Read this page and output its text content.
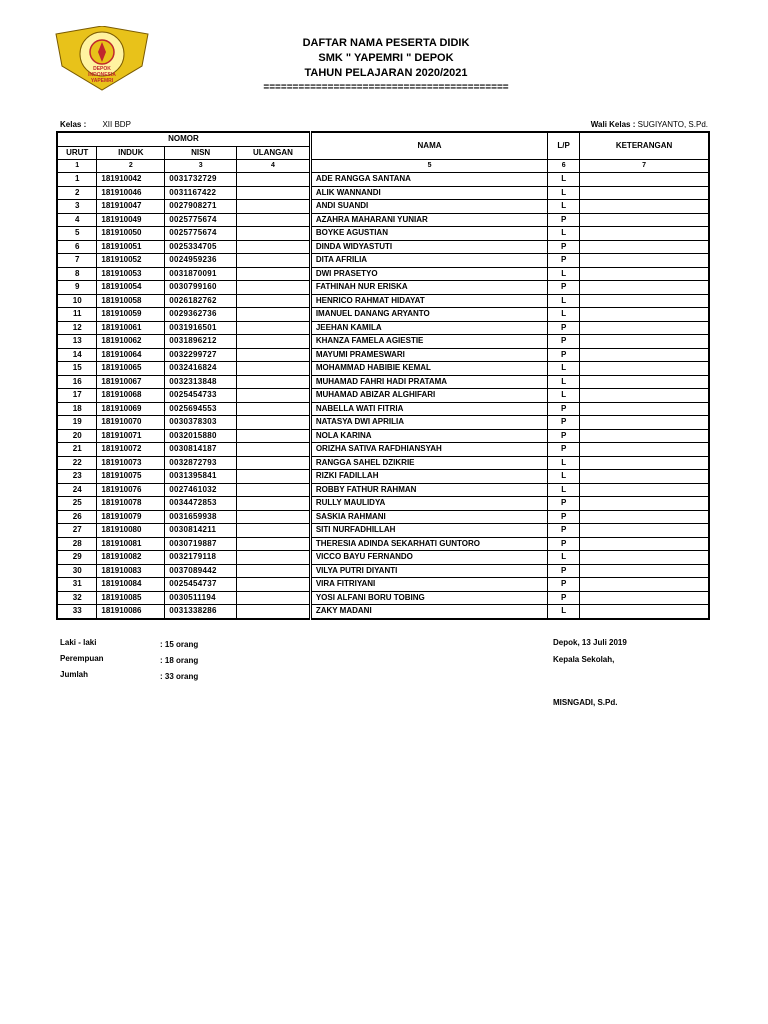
DEPOK
INDONESIA
YAPEMRI
DAFTAR NAMA PESERTA DIDIK
SMK " YAPEMRI " DEPOK
TAHUN PELAJARAN 2020/2021
==========================================
Kelas : XII BDP	Wali Kelas : SUGIYANTO, S.Pd.
NOMOR				NAMA	L/P	KETERANGAN
URUT	INDUK	NISN	ULANGAN			
1	2	3	4	5	6	7
1	181910042	0031732729		ADE RANGGA SANTANA	L	
2	181910046	0031167422		ALIK WANNANDI	L	
3	181910047	0027908271		ANDI SUANDI	L	
4	181910049	0025775674		AZAHRA MAHARANI YUNIAR	P	
5	181910050	0025775674		BOYKE AGUSTIAN	L	
6	181910051	0025334705		DINDA WIDYASTUTI	P	
7	181910052	0024959236		DITA AFRILIA	P	
8	181910053	0031870091		DWI PRASETYO	L	
9	181910054	0030799160		FATHINAH NUR ERISKA	P	
10	181910058	0026182762		HENRICO RAHMAT HIDAYAT	L	
11	181910059	0029362736		IMANUEL DANANG ARYANTO	L	
12	181910061	0031916501		JEEHAN KAMILA	P	
13	181910062	0031896212		KHANZA FAMELA AGIESTIE	P	
14	181910064	0032299727		MAYUMI PRAMESWARI	P	
15	181910065	0032416824		MOHAMMAD HABIBIE KEMAL	L	
16	181910067	0032313848		MUHAMAD FAHRI HADI PRATAMA	L	
17	181910068	0025454733		MUHAMAD ABIZAR ALGHIFARI	L	
18	181910069	0025694553		NABELLA WATI FITRIA	P	
19	181910070	0030378303		NATASYA DWI APRILIA	P	
20	181910071	0032015880		NOLA KARINA	P	
21	181910072	0030814187		ORIZHA SATIVA RAFDHIANSYAH	P	
22	181910073	0032872793		RANGGA SAHEL DZIKRIE	L	
23	181910075	0031395841		RIZKI FADILLAH	L	
24	181910076	0027461032		ROBBY FATHUR RAHMAN	L	
25	181910078	0034472853		RULLY MAULIDYA	P	
26	181910079	0031659938		SASKIA RAHMANI	P	
27	181910080	0030814211		SITI NURFADHILLAH	P	
28	181910081	0030719887		THERESIA ADINDA SEKARHATI GUNTORO	P	
29	181910082	0032179118		VICCO BAYU FERNANDO	L	
30	181910083	0037089442		VILYA PUTRI DIYANTI	P	
31	181910084	0025454737		VIRA FITRIYANI	P	
32	181910085	0030511194		YOSI ALFANI BORU TOBING	P	
33	181910086	0031338286		ZAKY MADANI	L	
Laki - laki	: 15 orang
Perempuan	: 18 orang
Jumlah	: 33 orang
Depok, 13 Juli 2019
Kepala Sekolah,
MISNGADI, S.Pd.
